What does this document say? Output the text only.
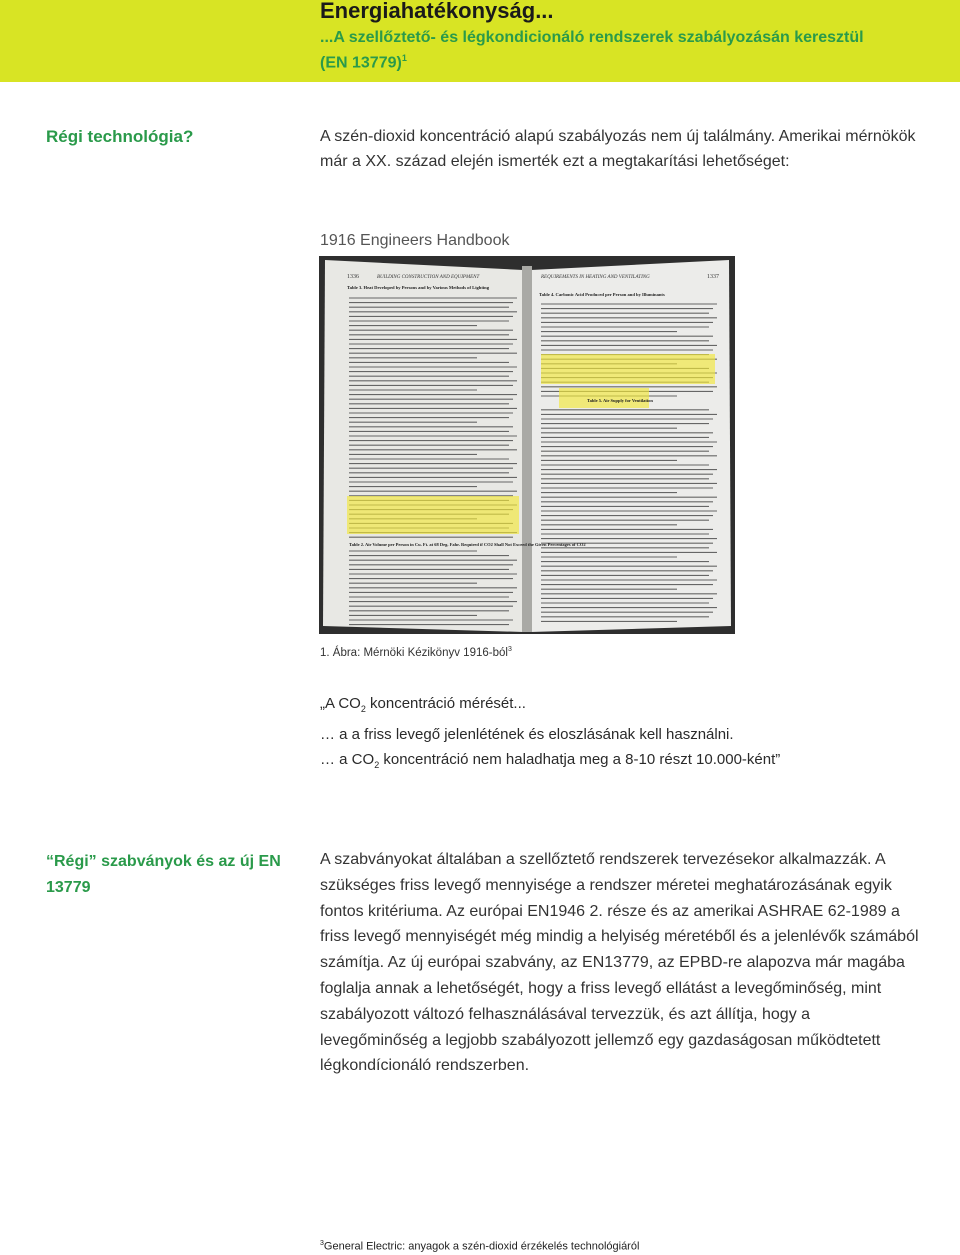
Energiahatékonyság...
...A szellőztető- és légkondicionáló rendszerek szabályozásán keresztül (EN 13779)$^1$
Régi technológia?	A szén-dioxid koncentráció alapú szabályozás nem új találmány. Amerikai mérnökök már a XX. század elején ismerték ezt a megtakarítási lehetőséget:
1916 Engineers Handbook
1336	BUILDING CONSTRUCTION AND EQUIPMENT
Table 3. Heat Developed by Persons and by Various Methods of Lighting
REQUIREMENTS IN HEATING AND VENTILATING	1337
Table 4. Carbonic Acid Produced per Person and by Illuminants
Table 2. Air Volume per Person in Cu. Ft. at 68 Deg. Fahr. Required if CO2 Shall Not Exceed the Given Percentages of CO2
Table 5. Air Supply for Ventilation
1. Ábra: Mérnöki Kézikönyv 1916-ból$^3$
„A $CO_2$ koncentráció mérését...
… a a friss levegő jelenlétének és eloszlásának kell használni.
… a $CO_2$ koncentráció nem haladhatja meg a 8-10 részt 10.000-ként”
“Régi” szabványok és az új EN 13779
A szabványokat általában a szellőztető rendszerek tervezésekor alkalmazzák. A szükséges friss levegő mennyisége a rendszer méretei meghatározásának egyik fontos kritériuma. Az európai EN1946 2. része és az amerikai ASHRAE 62-1989 a friss levegő mennyiségét még mindig a helyiség méretéből és a jelenlévők számából számítja. Az új európai szabvány, az EN13779, az EPBD-re alapozva már magába foglalja annak a lehetőségét, hogy a friss levegő ellátást a levegőminőség, mint szabályozott változó felhasználásával tervezzük, és azt állítja, hogy a levegőminőség a legjobb szabályozott jellemző egy gazdaságosan működtetett légkondícionáló rendszerben.
$^3$General Electric: anyagok a szén-dioxid érzékelés technológiáról
